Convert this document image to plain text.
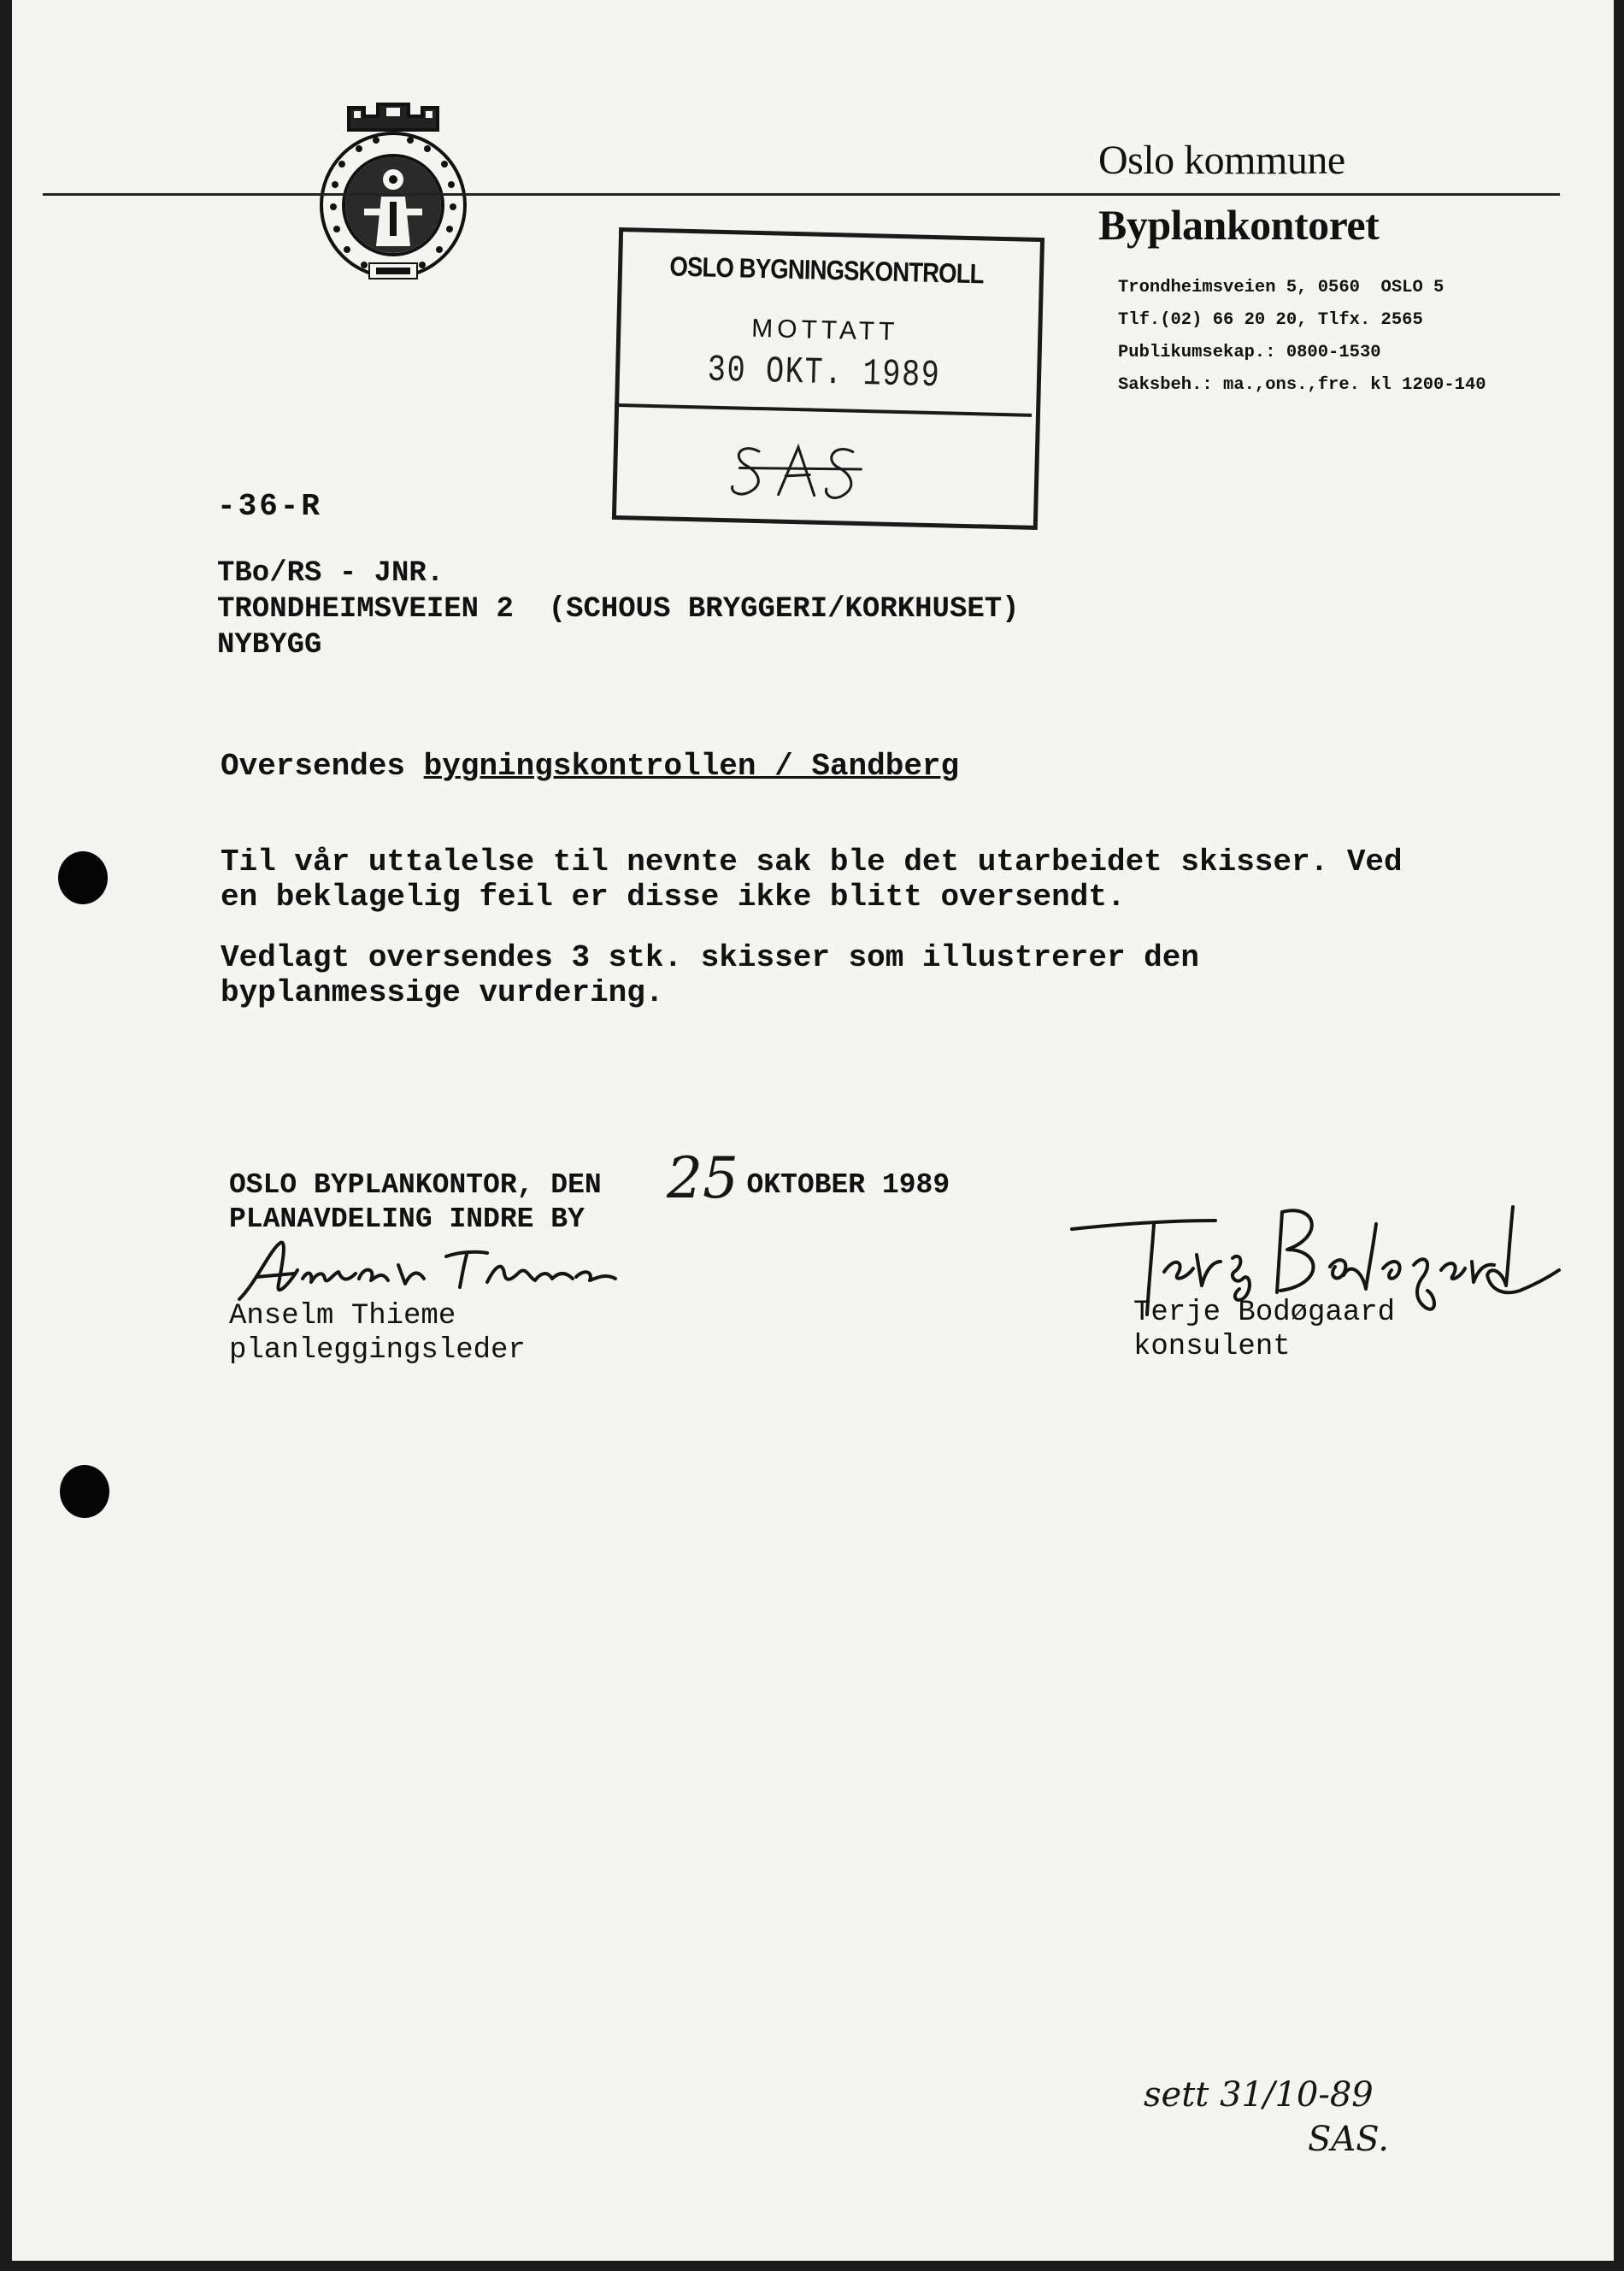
Oslo kommune
Byplankontoret
Trondheimsveien 5, 0560  OSLO 5
Tlf.(02) 66 20 20, Tlfx. 2565
Publikumsekap.: 0800-1530
Saksbeh.: ma.,ons.,fre. kl 1200-140
OSLO BYGNINGSKONTROLL
MOTTATT
30 OKT. 1989
-36-R
TBo/RS - JNR.
TRONDHEIMSVEIEN 2  (SCHOUS BRYGGERI/KORKHUSET)
NYBYGG
Oversendes bygningskontrollen / Sandberg
Til vår uttalelse til nevnte sak ble det utarbeidet skisser. Ved
en beklagelig feil er disse ikke blitt oversendt.
Vedlagt oversendes 3 stk. skisser som illustrerer den
byplanmessige vurdering.
OSLO BYPLANKONTOR, DEN	OKTOBER 1989
25
PLANAVDELING INDRE BY
Anselm Thieme
planleggingsleder
Terje Bodøgaard
konsulent
sett 31/10-89
SAS.
